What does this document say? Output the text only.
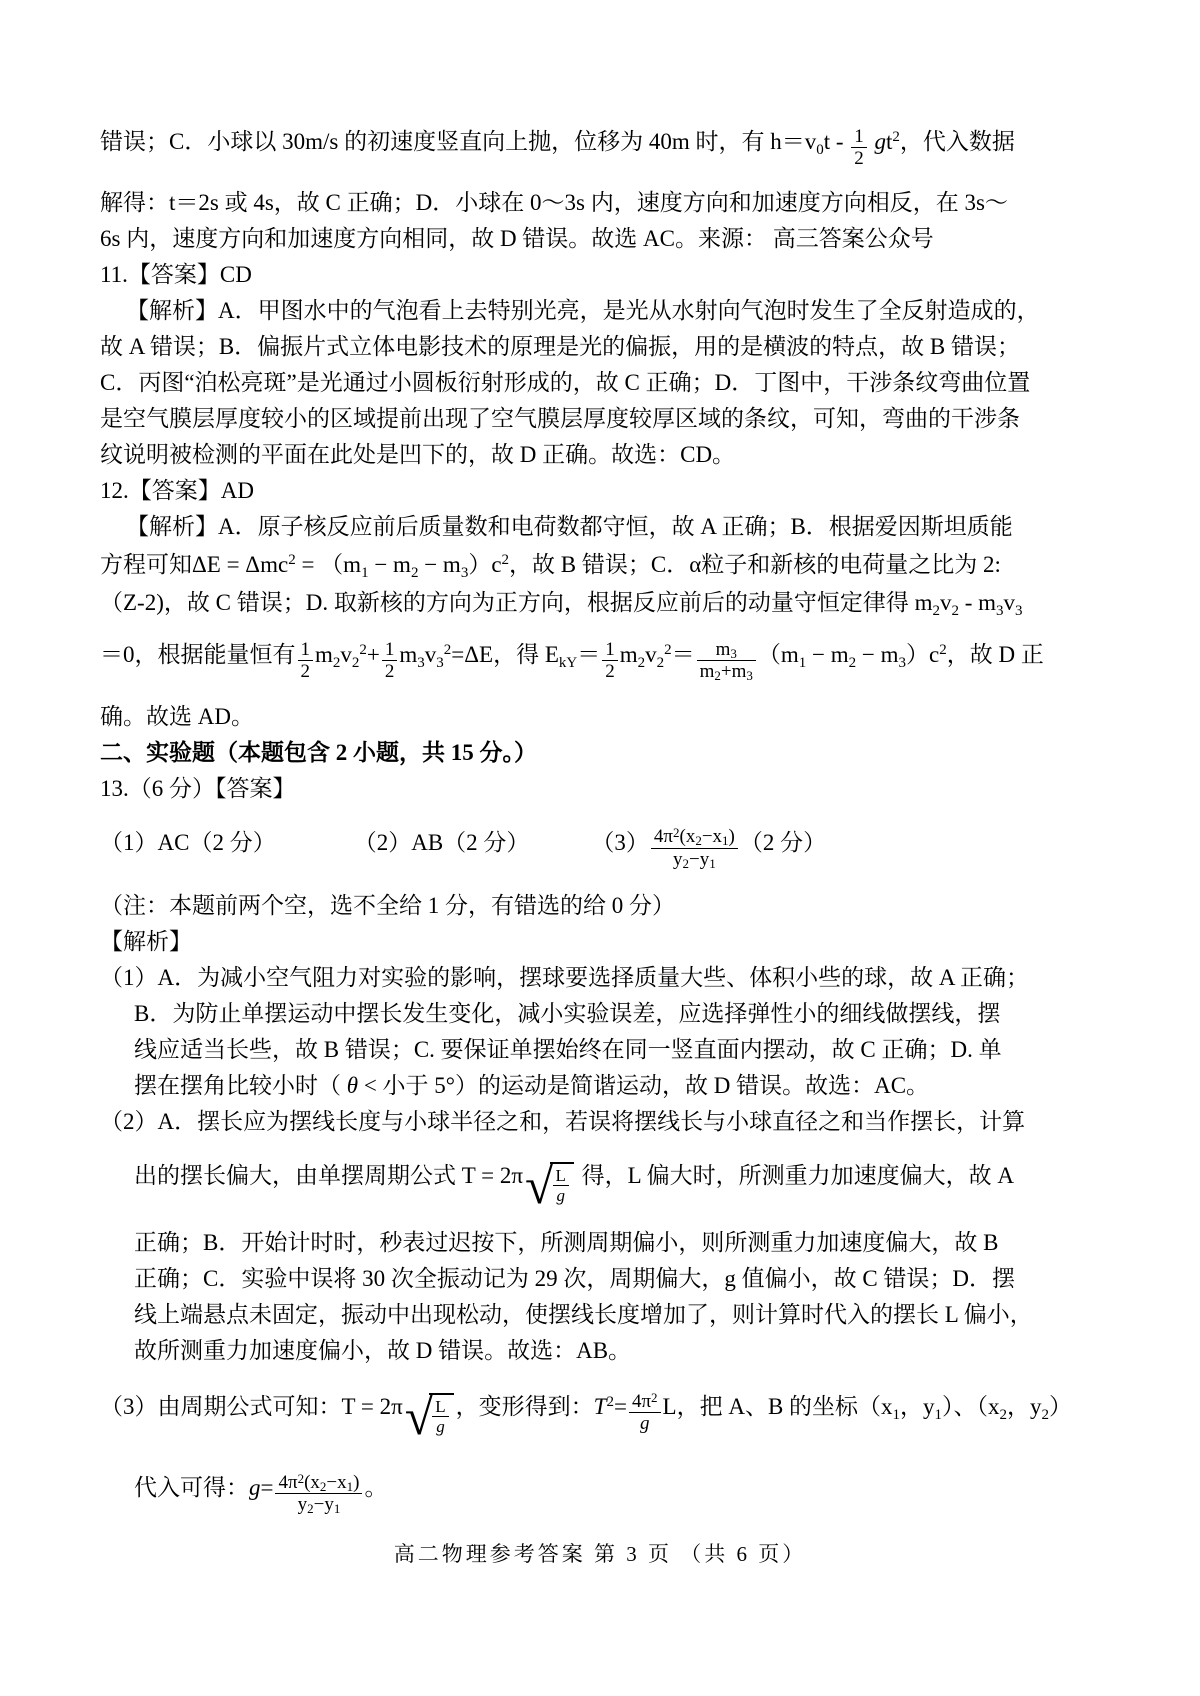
错误；C．小球以 30m/s 的初速度竖直向上抛，位移为 40m 时，有 $h=v_0t - \frac{1}{2} gt^2$，代入数据
解得：t＝2s 或 4s，故 C 正确；D．小球在 0～3s 内，速度方向和加速度方向相反，在 3s～
6s 内，速度方向和加速度方向相同，故 D 错误。故选 AC。来源： 高三答案公众号
11.【答案】CD
【解析】A．甲图水中的气泡看上去特别光亮，是光从水射向气泡时发生了全反射造成的，
故 A 错误；B．偏振片式立体电影技术的原理是光的偏振，用的是横波的特点，故 B 错误；
C．丙图“泊松亮斑”是光通过小圆板衍射形成的，故 C 正确；D．丁图中，干涉条纹弯曲位置
是空气膜层厚度较小的区域提前出现了空气膜层厚度较厚区域的条纹，可知，弯曲的干涉条
纹说明被检测的平面在此处是凹下的，故 D 正确。故选：CD。
12.【答案】AD
【解析】A．原子核反应前后质量数和电荷数都守恒，故 A 正确；B．根据爱因斯坦质能
方程可知$\Delta E = \Delta mc^2 = (m_1 - m_2 - m_3)c^2$，故 B 错误；C．α粒子和新核的电荷量之比为 2:
（Z-2)，故 C 错误；D. 取新核的方向为正方向，根据反应前后的动量守恒定律得 $m_2v_2 - m_3v_3$
＝0，根据能量恒有 $\frac{1}{2} m_2v_2^2+ \frac{1}{2} m_3v_3^2=\Delta E$，得 $E_{kY}= \frac{1}{2} m_2v_2^2= \frac{m_3}{m_2+m_3} (m_1 - m_2 - m_3)c^2$，故 D 正
确。故选 AD。
二、实验题（本题包含 2 小题，共 15 分。）
13.（6 分）【答案】
（1）AC（2 分）	（2）AB（2 分）	$(3) \frac{4\pi^2(x_2-x_1)}{y_2-y_1} (2$ 分）
（注：本题前两个空，选不全给 1 分，有错选的给 0 分）
【解析】
（1）A．为减小空气阻力对实验的影响，摆球要选择质量大些、体积小些的球，故 A 正确；
B．为防止单摆运动中摆长发生变化，减小实验误差，应选择弹性小的细线做摆线，摆
线应适当长些，故 B 错误；C. 要保证单摆始终在同一竖直面内摆动，故 C 正确；D. 单
摆在摆角比较小时（ θ < 小于 5°）的运动是简谐运动，故 D 错误。故选：AC。
（2）A．摆长应为摆线长度与小球半径之和，若误将摆线长与小球直径之和当作摆长，计算
出的摆长偏大，由单摆周期公式 T = 2π √ $\frac{L}{g}$ 得，L 偏大时，所测重力加速度偏大，故 A
正确；B．开始计时时，秒表过迟按下，所测周期偏小，则所测重力加速度偏大，故 B
正确；C．实验中误将 30 次全振动记为 29 次，周期偏大，g 值偏小，故 C 错误；D．摆
线上端悬点未固定，振动中出现松动，使摆线长度增加了，则计算时代入的摆长 L 偏小，
故所测重力加速度偏小，故 D 错误。故选：AB。
（3）由周期公式可知：T = 2π √ $\frac{L}{g}$ ，变形得到：$T^2= \frac{4\pi^2}{g}$ L，把 A、B 的坐标（$x_1$，$y_1$）、（$x_2$，$y_2$）
代入可得：$g= \frac{4\pi^2(x_2-x_1)}{y_2-y_1}$ 。
高二物理参考答案 第 3 页 （共 6 页）
